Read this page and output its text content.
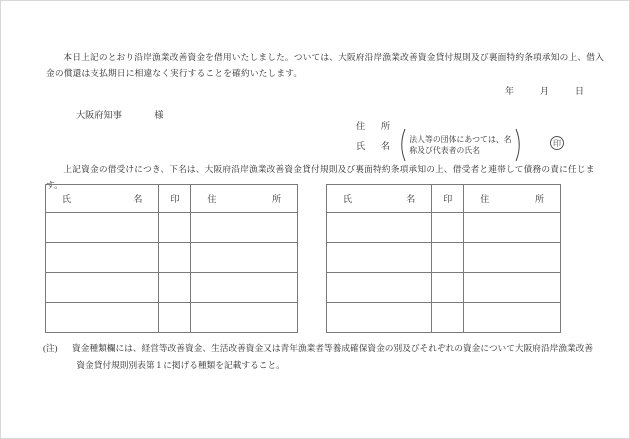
本日上記のとおり沿岸漁業改善資金を借用いたしました。ついては、大阪府沿岸漁業改善資金貸付規則及び裏面特約条項承知の上、借入金の償還は支払期日に相違なく実行することを確約いたします。
年	月	日
大阪府知事	様
住　所
氏　名
法人等の団体にあつては、名
称及び代表者の氏名
印
上記資金の借受けにつき、下名は、大阪府沿岸漁業改善資金貸付規則及び裏面特約条項承知の上、借受者と連帯して債務の責に任じます。
氏名	印	住所

			氏名	印	住所

(注)	資金種類欄には、経営等改善資金、生活改善資金又は青年漁業者等養成確保資金の別及びそれぞれの資金について大阪府沿岸漁業改善
資金貸付規則別表第１に掲げる種類を記載すること。
